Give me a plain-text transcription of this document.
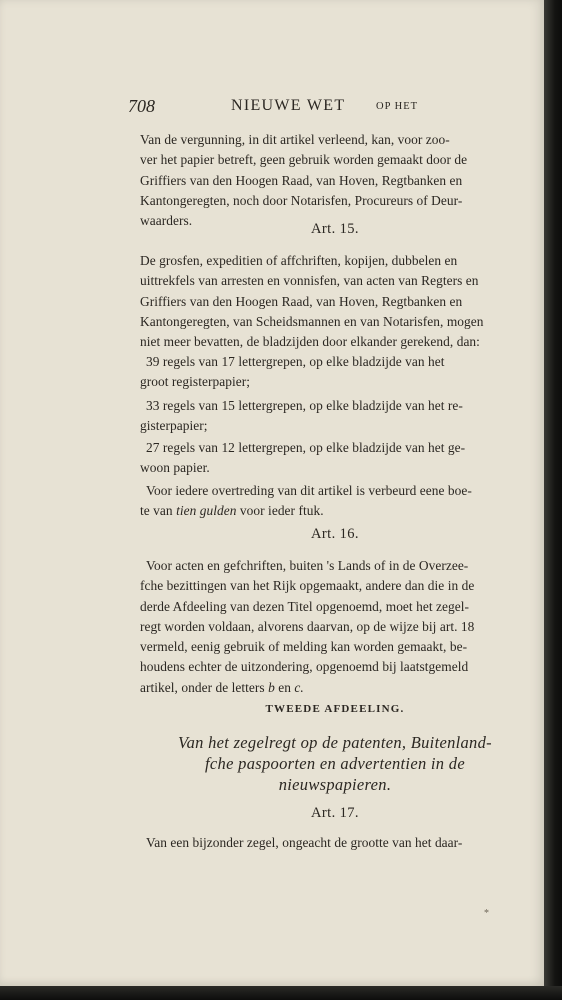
708	NIEUWE WET	OP HET
Van de vergunning, in dit artikel verleend, kan, voor zoo-
ver het papier betreft, geen gebruik worden gemaakt door de
Griffiers van den Hoogen Raad, van Hoven, Regtbanken en
Kantongeregten, noch door Notarisfen, Procureurs of Deur-
waarders.
Art. 15.
De grosfen, expeditien of affchriften, kopijen, dubbelen en
uittrekfels van arresten en vonnisfen, van acten van Regters en
Griffiers van den Hoogen Raad, van Hoven, Regtbanken en
Kantongeregten, van Scheidsmannen en van Notarisfen, mogen
niet meer bevatten, de bladzijden door elkander gerekend, dan:
39 regels van 17 lettergrepen, op elke bladzijde van het
groot registerpapier;
33 regels van 15 lettergrepen, op elke bladzijde van het re-
gisterpapier;
27 regels van 12 lettergrepen, op elke bladzijde van het ge-
woon papier.
Voor iedere overtreding van dit artikel is verbeurd eene boe-
te van tien gulden voor ieder ftuk.
Art. 16.
Voor acten en gefchriften, buiten 's Lands of in de Overzee-
fche bezittingen van het Rijk opgemaakt, andere dan die in de
derde Afdeeling van dezen Titel opgenoemd, moet het zegel-
regt worden voldaan, alvorens daarvan, op de wijze bij art. 18
vermeld, eenig gebruik of melding kan worden gemaakt, be-
houdens echter de uitzondering, opgenoemd bij laatstgemeld
artikel, onder de letters b en c.
TWEEDE AFDEELING.
Van het zegelregt op de patenten, Buitenland-
fche paspoorten en advertentien in de
nieuwspapieren.
Art. 17.
Van een bijzonder zegel, ongeacht de grootte van het daar-
*
